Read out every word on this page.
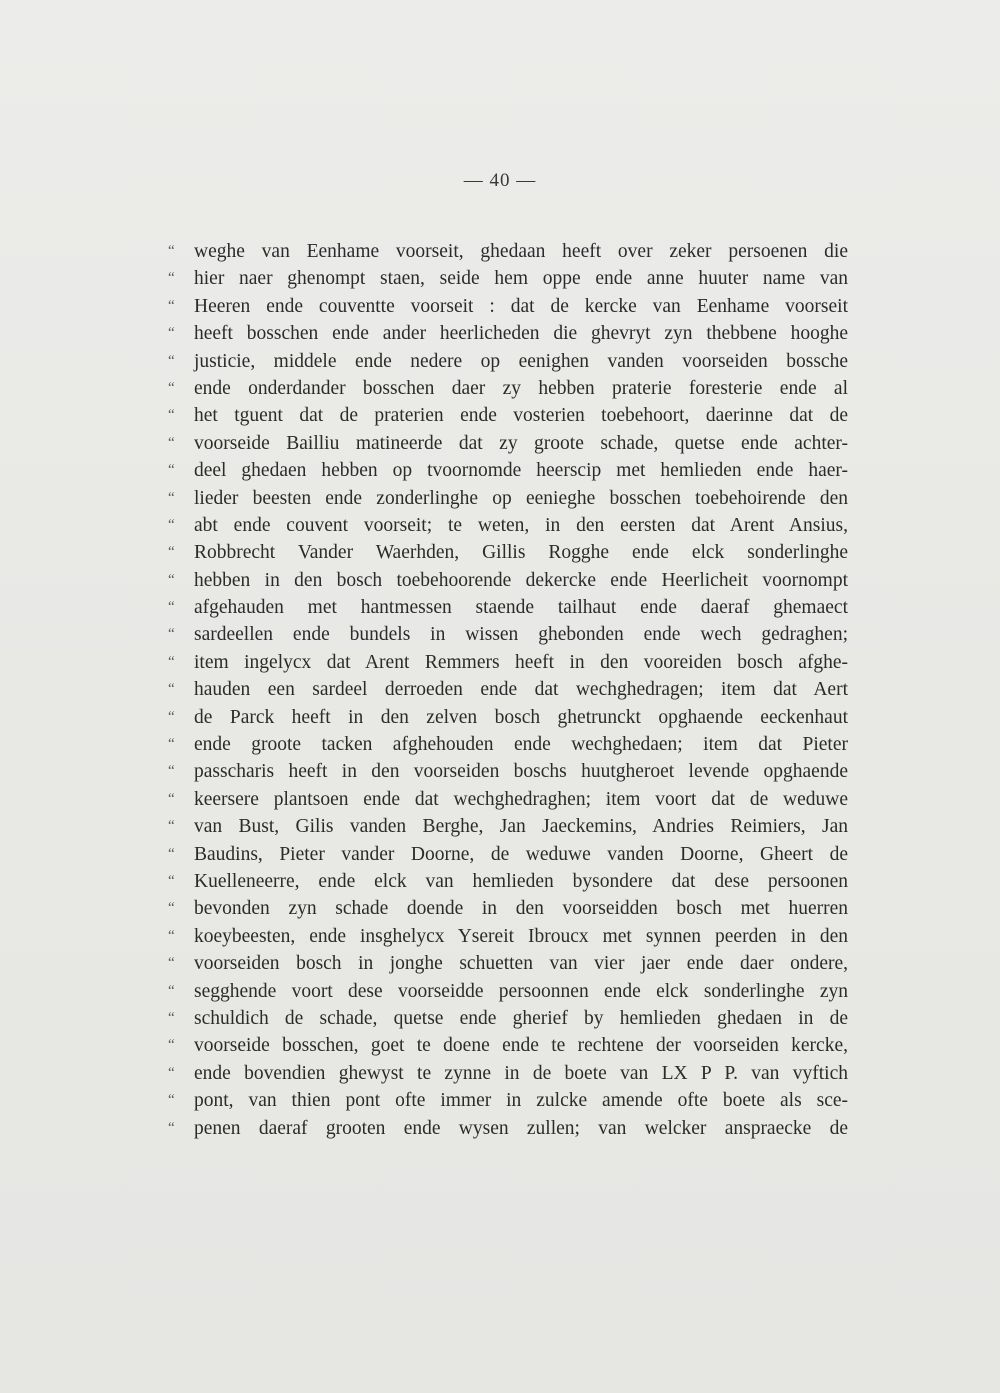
— 40 —
“ weghe van Eenhame voorseit, ghedaan heeft over zeker persoenen die
“ hier naer ghenompt staen, seide hem oppe ende anne huuter name van
“ Heeren ende couventte voorseit : dat de kercke van Eenhame voorseit
“ heeft bosschen ende ander heerlicheden die ghevryt zyn thebbene hooghe
“ justicie, middele ende nedere op eenighen vanden voorseiden bossche
“ ende onderdander bosschen daer zy hebben praterie foresterie ende al
“ het tguent dat de praterien ende vosterien toebehoort, daerinne dat de
“ voorseide Bailliu matineerde dat zy groote schade, quetse ende achter-
“ deel ghedaen hebben op tvoornomde heerscip met hemlieden ende haer-
“ lieder beesten ende zonderlinghe op eenieghe bosschen toebehoirende den
“ abt ende couvent voorseit; te weten, in den eersten dat Arent Ansius,
“ Robbrecht Vander Waerhden, Gillis Rogghe ende elck sonderlinghe
“ hebben in den bosch toebehoorende dekercke ende Heerlicheit voornompt
“ afgehauden met hantmessen staende tailhaut ende daeraf ghemaect
“ sardeellen ende bundels in wissen ghebonden ende wech gedraghen;
“ item ingelycx dat Arent Remmers heeft in den vooreiden bosch afghe-
“ hauden een sardeel derroeden ende dat wechghedragen; item dat Aert
“ de Parck heeft in den zelven bosch ghetrunckt opghaende eeckenhaut
“ ende groote tacken afghehouden ende wechghedaen; item dat Pieter
“ passcharis heeft in den voorseiden boschs huutgheroet levende opghaende
“ keersere plantsoen ende dat wechghedraghen; item voort dat de weduwe
“ van Bust, Gilis vanden Berghe, Jan Jaeckemins, Andries Reimiers, Jan
“ Baudins, Pieter vander Doorne, de weduwe vanden Doorne, Gheert de
“ Kuelleneerre, ende elck van hemlieden bysondere dat dese persoonen
“ bevonden zyn schade doende in den voorseidden bosch met huerren
“ koeybeesten, ende insghelycx Ysereit Ibroucx met synnen peerden in den
“ voorseiden bosch in jonghe schuetten van vier jaer ende daer ondere,
“ segghende voort dese voorseidde persoonnen ende elck sonderlinghe zyn
“ schuldich de schade, quetse ende gherief by hemlieden ghedaen in de
“ voorseide bosschen, goet te doene ende te rechtene der voorseiden kercke,
“ ende bovendien ghewyst te zynne in de boete van LX P P. van vyftich
“ pont, van thien pont ofte immer in zulcke amende ofte boete als sce-
“ penen daeraf grooten ende wysen zullen; van welcker anspraecke de
